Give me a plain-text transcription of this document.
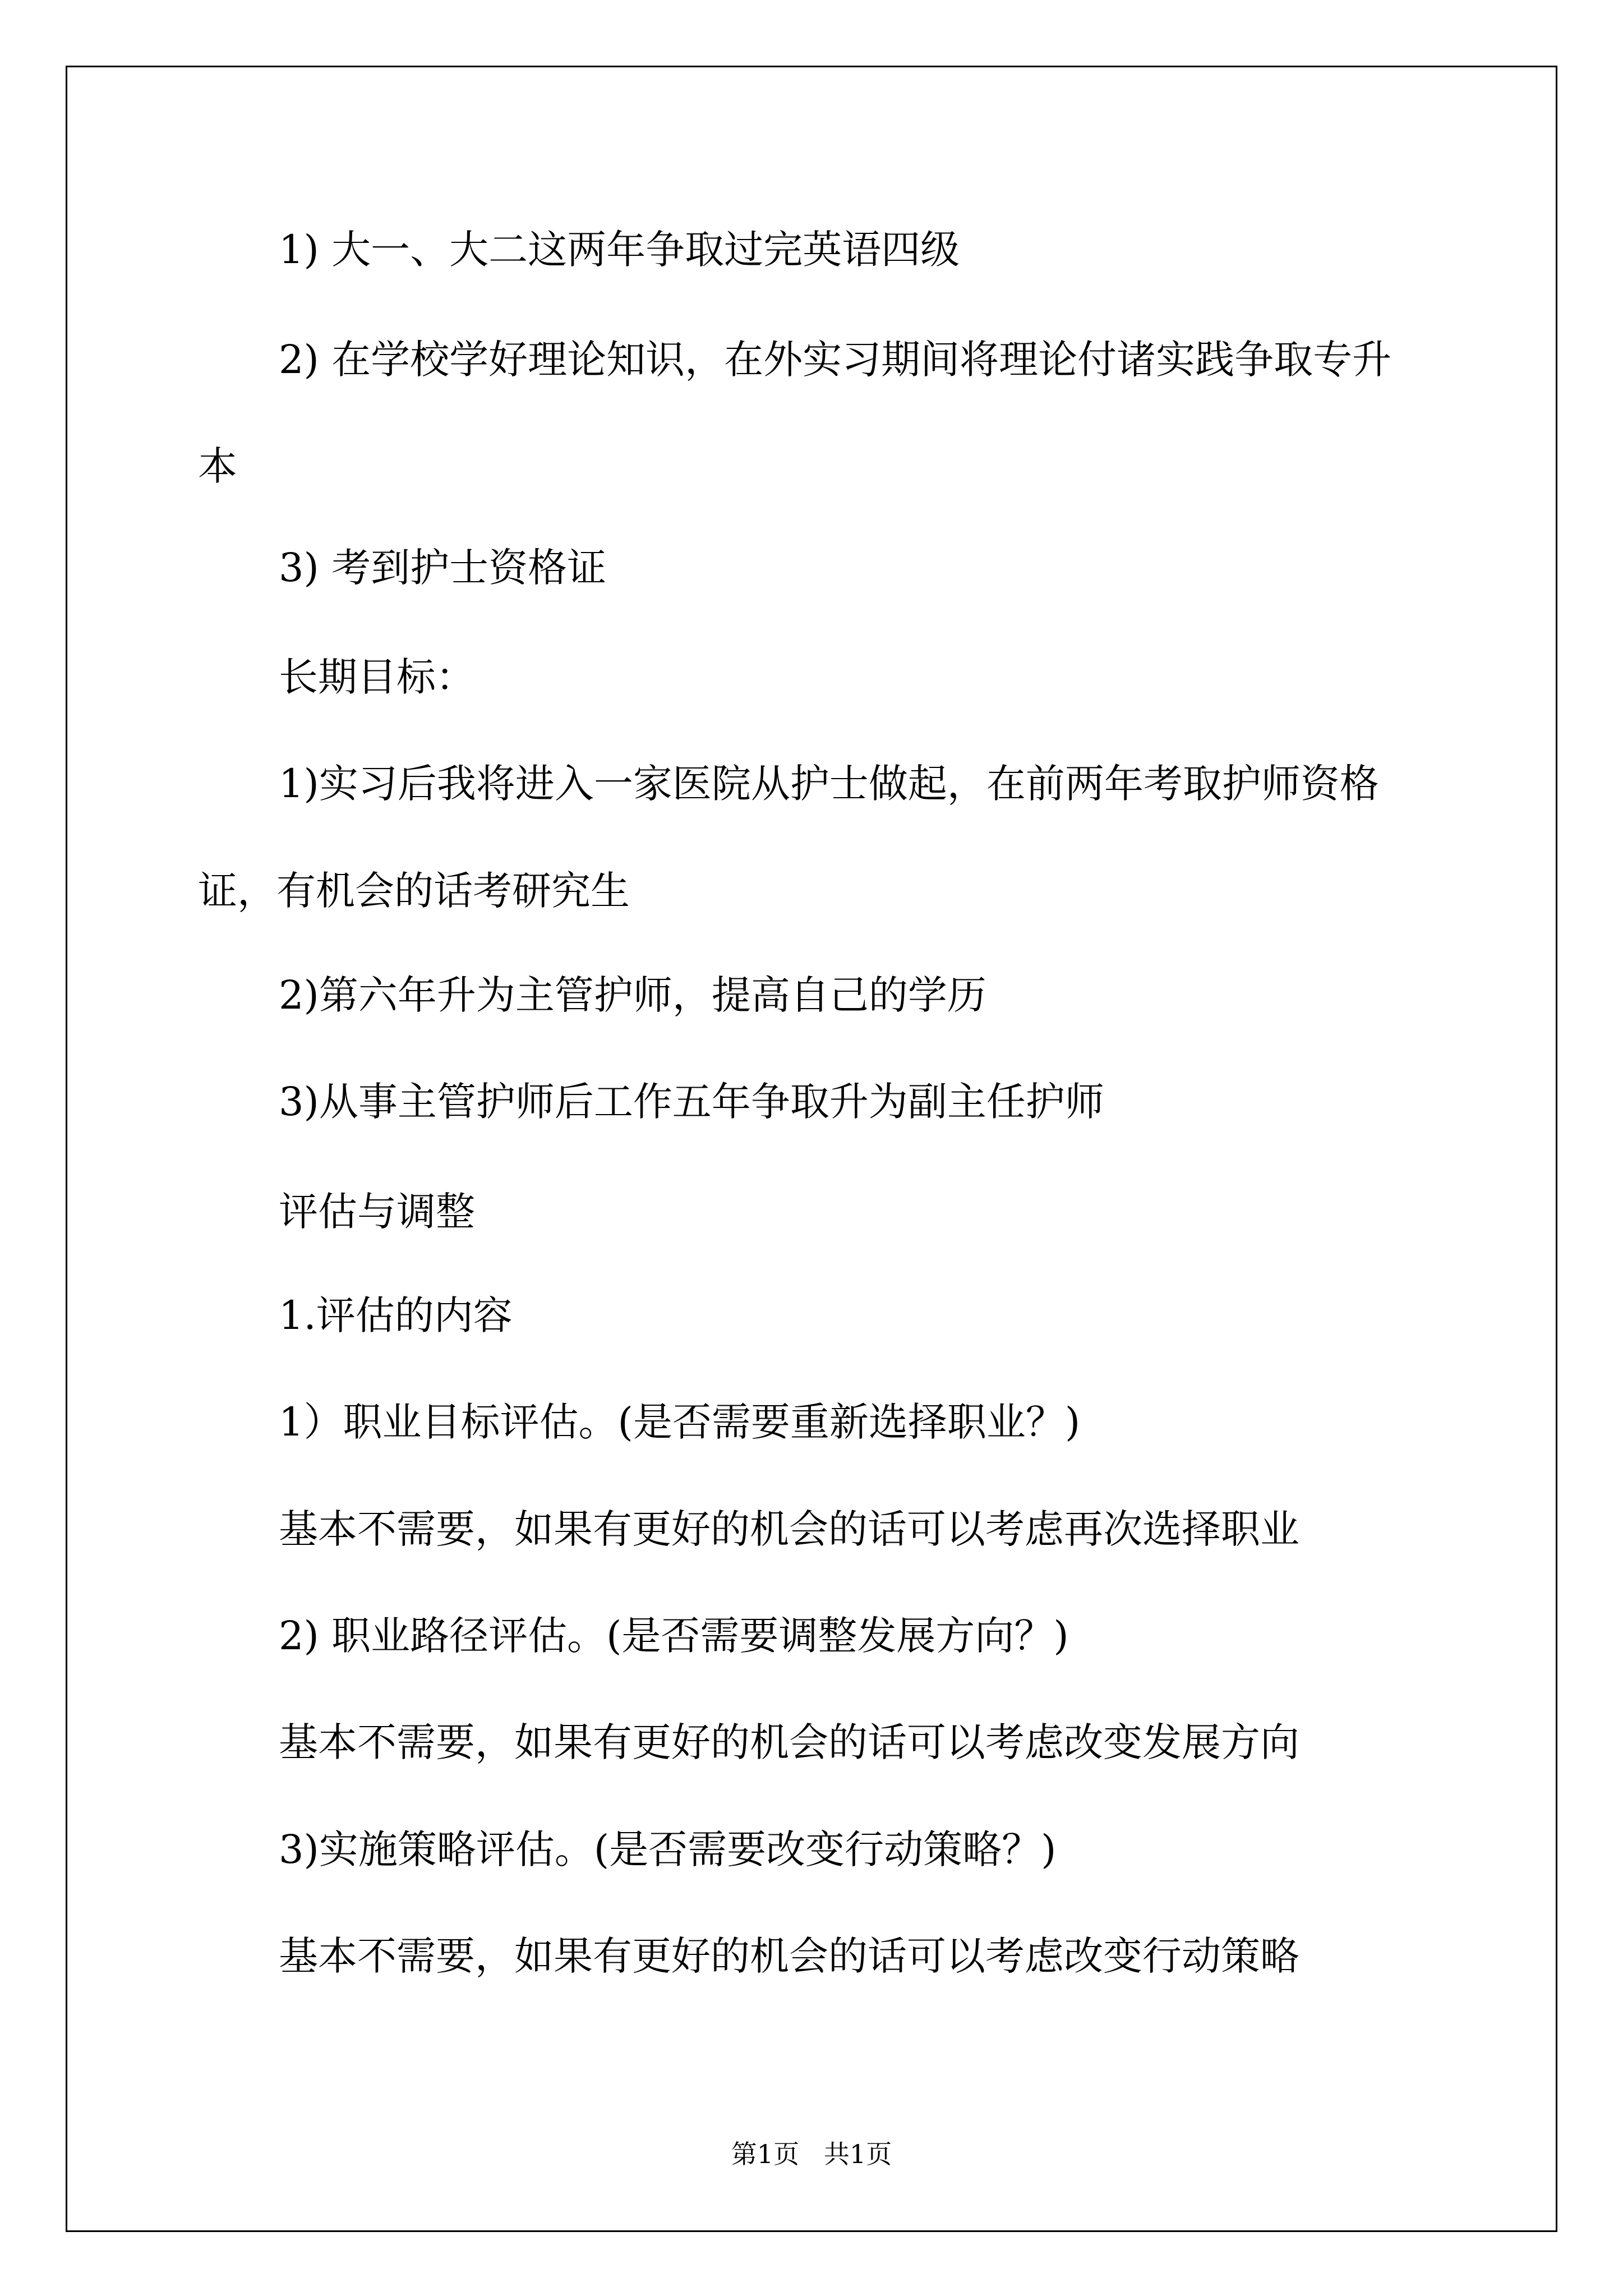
1) 大一、大二这两年争取过完英语四级
2) 在学校学好理论知识，在外实习期间将理论付诸实践争取专升
本
3) 考到护士资格证
长期目标：
1)实习后我将进入一家医院从护士做起，在前两年考取护师资格
证，有机会的话考研究生
2)第六年升为主管护师，提高自己的学历
3)从事主管护师后工作五年争取升为副主任护师
评估与调整
1.评估的内容
1）职业目标评估。(是否需要重新选择职业？)
基本不需要，如果有更好的机会的话可以考虑再次选择职业
2) 职业路径评估。(是否需要调整发展方向？)
基本不需要，如果有更好的机会的话可以考虑改变发展方向
3)实施策略评估。(是否需要改变行动策略？)
基本不需要，如果有更好的机会的话可以考虑改变行动策略
第1页   共1页
